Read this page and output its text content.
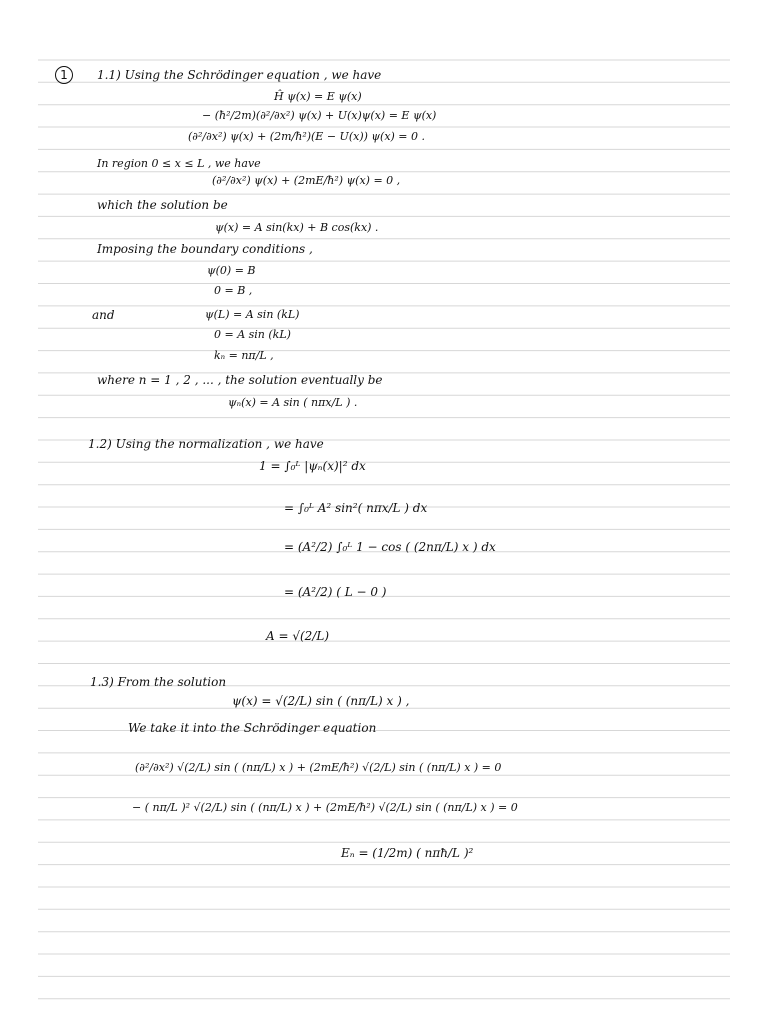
1	1.1) Using the Schrödinger equation , we have
Ĥ ψ(x) = E ψ(x)
− (ħ²/2m)(∂²/∂x²) ψ(x) + U(x)ψ(x) = E ψ(x)
(∂²/∂x²) ψ(x) + (2m/ħ²)(E − U(x)) ψ(x) = 0 .
In region 0 ≤ x ≤ L , we have
(∂²/∂x²) ψ(x) + (2mE/ħ²) ψ(x) = 0 ,
which the solution be
ψ(x) = A sin(kx) + B cos(kx) .
Imposing the boundary conditions ,
ψ(0) = B
0 = B ,
and	ψ(L) = A sin (kL)
0 = A sin (kL)
kₙ = nπ/L ,
where n = 1 , 2 , ... , the solution eventually be
ψₙ(x) = A sin ( nπx/L ) .
1.2) Using the normalization , we have
1 = ∫₀ᴸ |ψₙ(x)|² dx
= ∫₀ᴸ A² sin²( nπx/L ) dx
= (A²/2) ∫₀ᴸ 1 − cos ( (2nπ/L) x ) dx
= (A²/2) ( L − 0 )
A = √(2/L)
1.3) From the solution
ψ(x) = √(2/L) sin ( (nπ/L) x ) ,
We take it into the Schrödinger equation
(∂²/∂x²) √(2/L) sin ( (nπ/L) x ) + (2mE/ħ²) √(2/L) sin ( (nπ/L) x ) = 0
− ( nπ/L )² √(2/L) sin ( (nπ/L) x ) + (2mE/ħ²) √(2/L) sin ( (nπ/L) x ) = 0
Eₙ = (1/2m) ( nπħ/L )²
